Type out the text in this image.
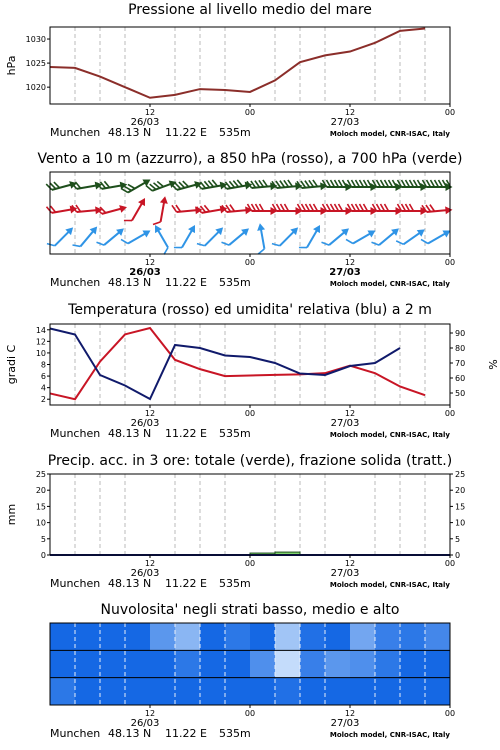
Pressione al livello medio del mare
1020
1025
1030
hPa
12	00	12	00
26/03	27/03
Munchen 48.13 N 11.22 E 535m	Moloch model, CNR-ISAC, Italy
Vento a 10 m (azzurro), a 850 hPa (rosso), a 700 hPa (verde)
12	00	12	00
26/03	27/03
Munchen 48.13 N 11.22 E 535m	Moloch model, CNR-ISAC, Italy
Temperatura (rosso) ed umidita' relativa (blu) a 2 m
2
4
6
8
10
12
14
gradi C
50
60
70
80
90
%
12	00	12	00
26/03	27/03
Munchen 48.13 N 11.22 E 535m	Moloch model, CNR-ISAC, Italy
Precip. acc. in 3 ore: totale (verde), frazione solida (tratt.)
0
5
10
15
20
25
mm
0
5
10
15
20
25
12	00	12	00
26/03	27/03
Munchen 48.13 N 11.22 E 535m	Moloch model, CNR-ISAC, Italy
Nuvolosita' negli strati basso, medio e alto
12	00	12	00
26/03	27/03
Munchen 48.13 N 11.22 E 535m	Moloch model, CNR-ISAC, Italy
